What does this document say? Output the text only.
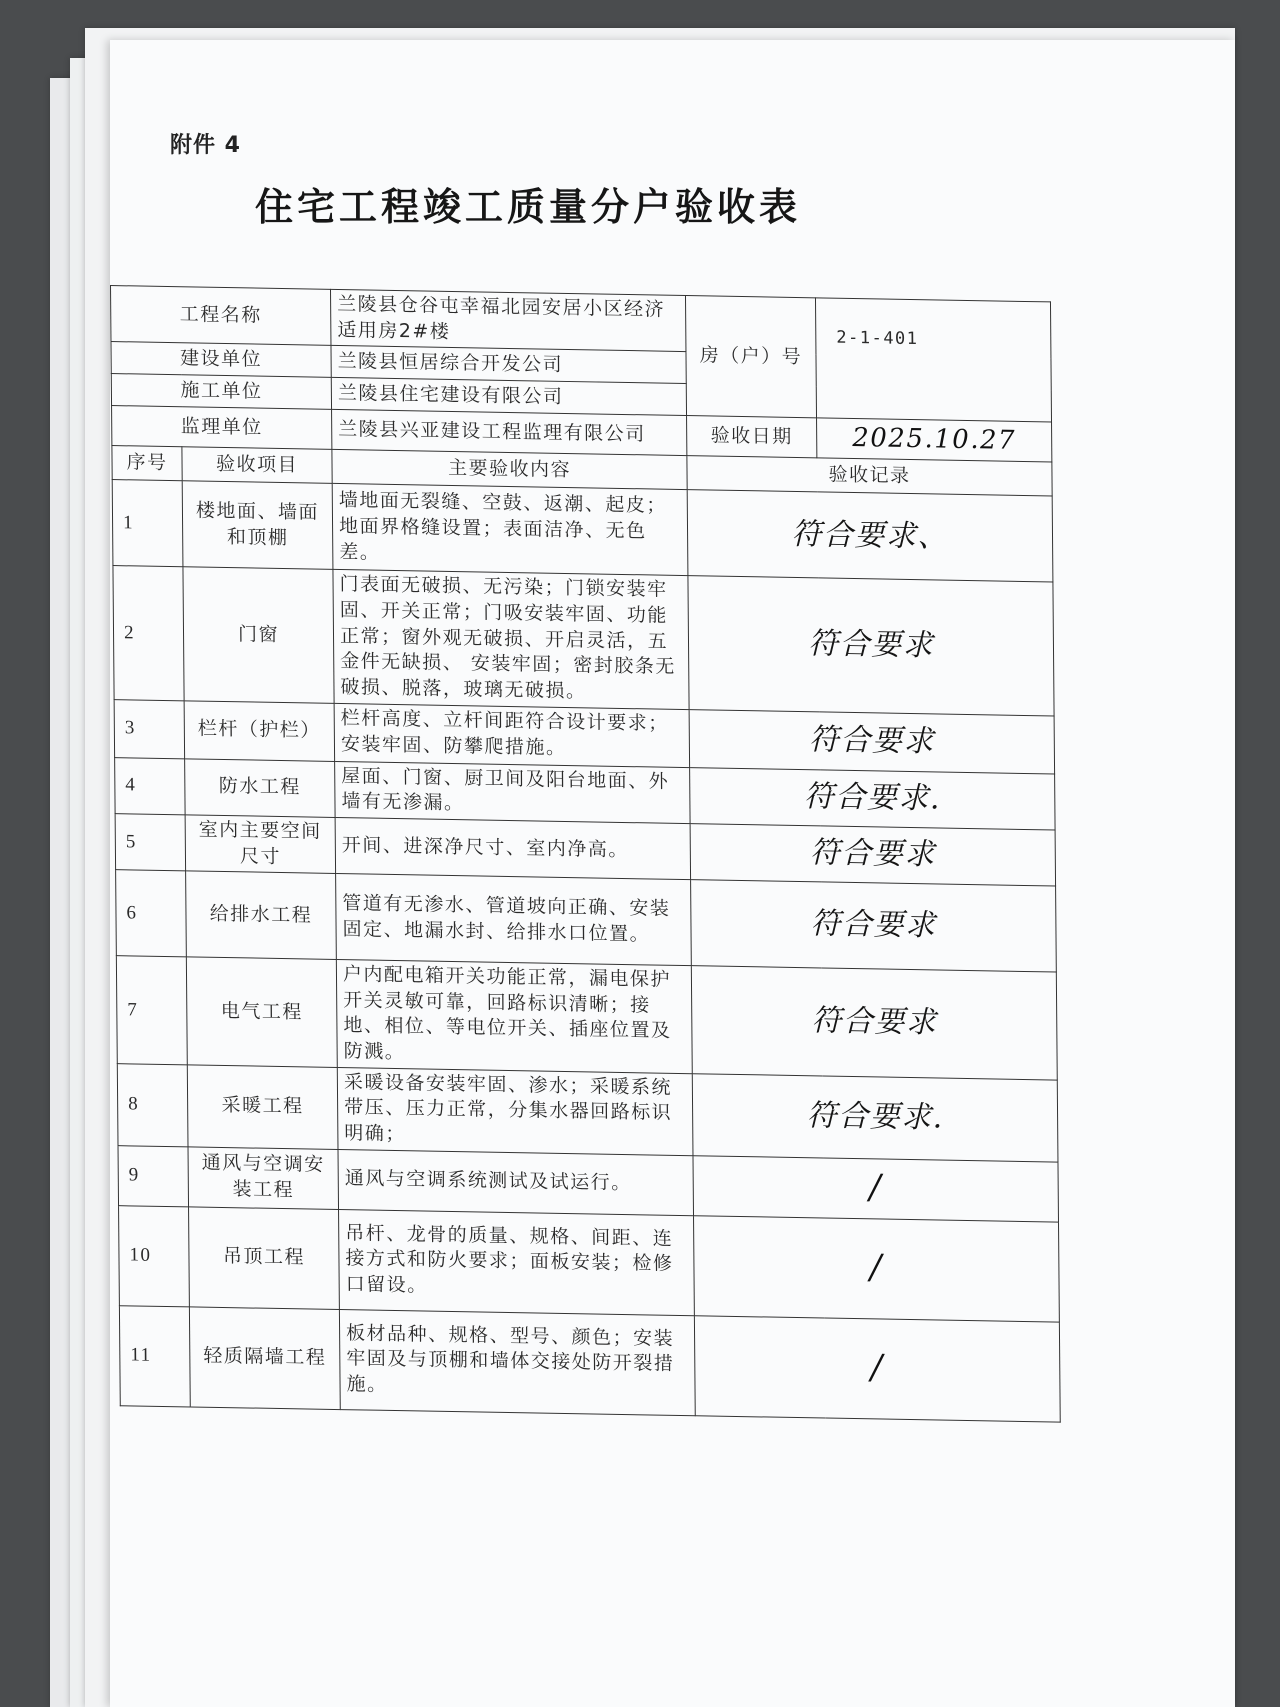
附件 4
住宅工程竣工质量分户验收表
工程名称		兰陵县仓谷屯幸福北园安居小区经济适用房2#楼	房（户）号	2-1-401
建设单位		兰陵县恒居综合开发公司		
施工单位		兰陵县住宅建设有限公司		
监理单位		兰陵县兴亚建设工程监理有限公司	验收日期	2025.10.27
序号	验收项目	主要验收内容	验收记录	
1	楼地面、墙面和顶棚	墙地面无裂缝、空鼓、返潮、起皮；地面界格缝设置；表面洁净、无色差。	符合要求、	
2	门窗	门表面无破损、无污染；门锁安装牢固、开关正常；门吸安装牢固、功能正常；窗外观无破损、开启灵活，五金件无缺损、 安装牢固；密封胶条无破损、脱落，玻璃无破损。	符合要求	
3	栏杆（护栏）	栏杆高度、立杆间距符合设计要求；安装牢固、防攀爬措施。	符合要求	
4	防水工程	屋面、门窗、厨卫间及阳台地面、外墙有无渗漏。	符合要求.	
5	室内主要空间尺寸	开间、进深净尺寸、室内净高。	符合要求	
6	给排水工程	管道有无渗水、管道坡向正确、安装固定、地漏水封、给排水口位置。	符合要求	
7	电气工程	户内配电箱开关功能正常，漏电保护开关灵敏可靠，回路标识清晰；接地、相位、等电位开关、插座位置及防溅。	符合要求	
8	采暖工程	采暖设备安装牢固、渗水；采暖系统带压、压力正常，分集水器回路标识明确；	符合要求.	
9	通风与空调安装工程	通风与空调系统测试及试运行。	/	
10	吊顶工程	吊杆、龙骨的质量、规格、间距、连接方式和防火要求；面板安装；检修口留设。	/	
11	轻质隔墙工程	板材品种、规格、型号、颜色；安装牢固及与顶棚和墙体交接处防开裂措施。	/	
